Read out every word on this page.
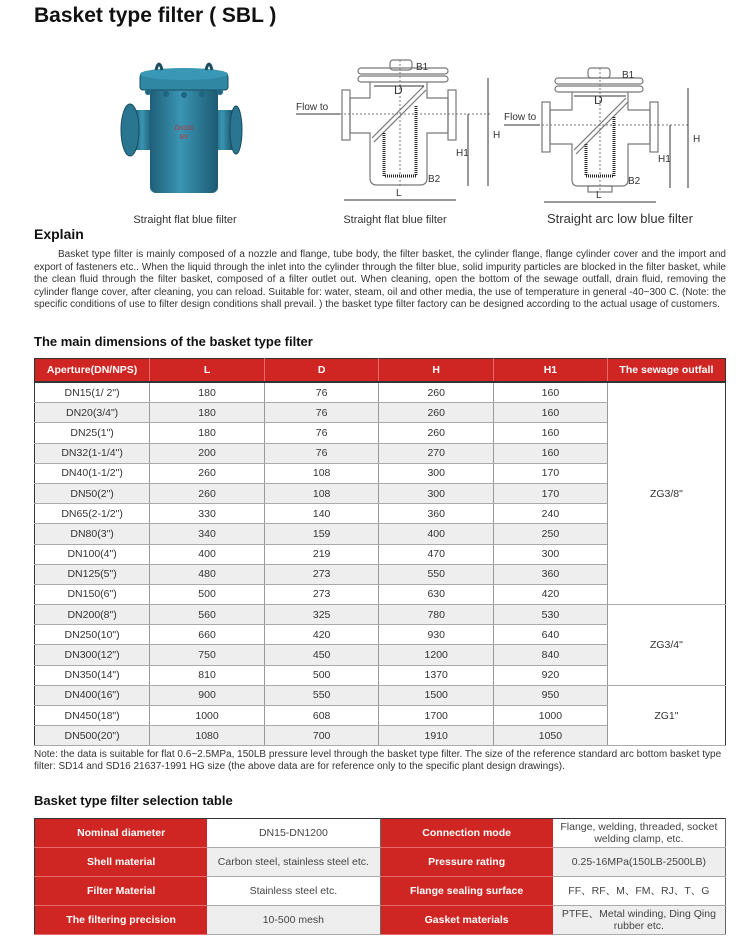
Basket type filter ( SBL )
DN100
BS
Straight flat blue filter
Flow to
B1
B2
D
H
H1
L
Straight flat blue filter
Flow to
B1
B2
D
H
H1
L
Straight arc low blue filter
Explain
Basket type filter is mainly composed of a nozzle and flange, tube body, the filter basket, the cylinder flange, flange cylinder cover and the import and export of fasteners etc.. When the liquid through the inlet into the cylinder through the filter blue, solid impurity particles are blocked in the filter basket, while the clean fluid through the filter basket, composed of a filter outlet out. When cleaning, open the bottom of the sewage outfall, drain fluid, removing the cylinder flange cover, after cleaning, you can reload. Suitable for: water, steam, oil and other media, the use of temperature in general -40~300 C. (Note: the specific conditions of use to filter design conditions shall prevail. ) the basket type filter factory can be designed according to the actual usage of customers.
The main dimensions of the basket type filter
Aperture(DN/NPS)	L	D	H	H1	The sewage outfall
DN15(1/ 2")	180	76	260	160	ZG3/8"
DN20(3/4")	180	76	260	160	
DN25(1")	180	76	260	160	
DN32(1-1/4")	200	76	270	160	
DN40(1-1/2")	260	108	300	170	
DN50(2")	260	108	300	170	
DN65(2-1/2")	330	140	360	240	
DN80(3")	340	159	400	250	
DN100(4")	400	219	470	300	
DN125(5")	480	273	550	360	
DN150(6")	500	273	630	420	
DN200(8")	560	325	780	530	ZG3/4"
DN250(10")	660	420	930	640	
DN300(12")	750	450	1200	840	
DN350(14")	810	500	1370	920	
DN400(16")	900	550	1500	950	ZG1"
DN450(18")	1000	608	1700	1000	
DN500(20")	1080	700	1910	1050	
Note: the data is suitable for flat 0.6~2.5MPa, 150LB pressure level through the basket type filter. The size of the reference standard arc bottom basket type filter: SD14 and SD16 21637-1991 HG size (the above data are for reference only to the specific plant design drawings).
Basket type filter selection table
Nominal diameter	DN15-DN1200	Connection mode	Flange, welding, threaded, socket welding clamp, etc.
Shell material	Carbon steel, stainless steel etc.	Pressure rating	0.25-16MPa(150LB-2500LB)
Filter Material	Stainless steel etc.	Flange sealing surface	FF、RF、M、FM、RJ、T、G
The filtering precision	10-500 mesh	Gasket materials	PTFE、Metal winding, Ding Qing rubber etc.
